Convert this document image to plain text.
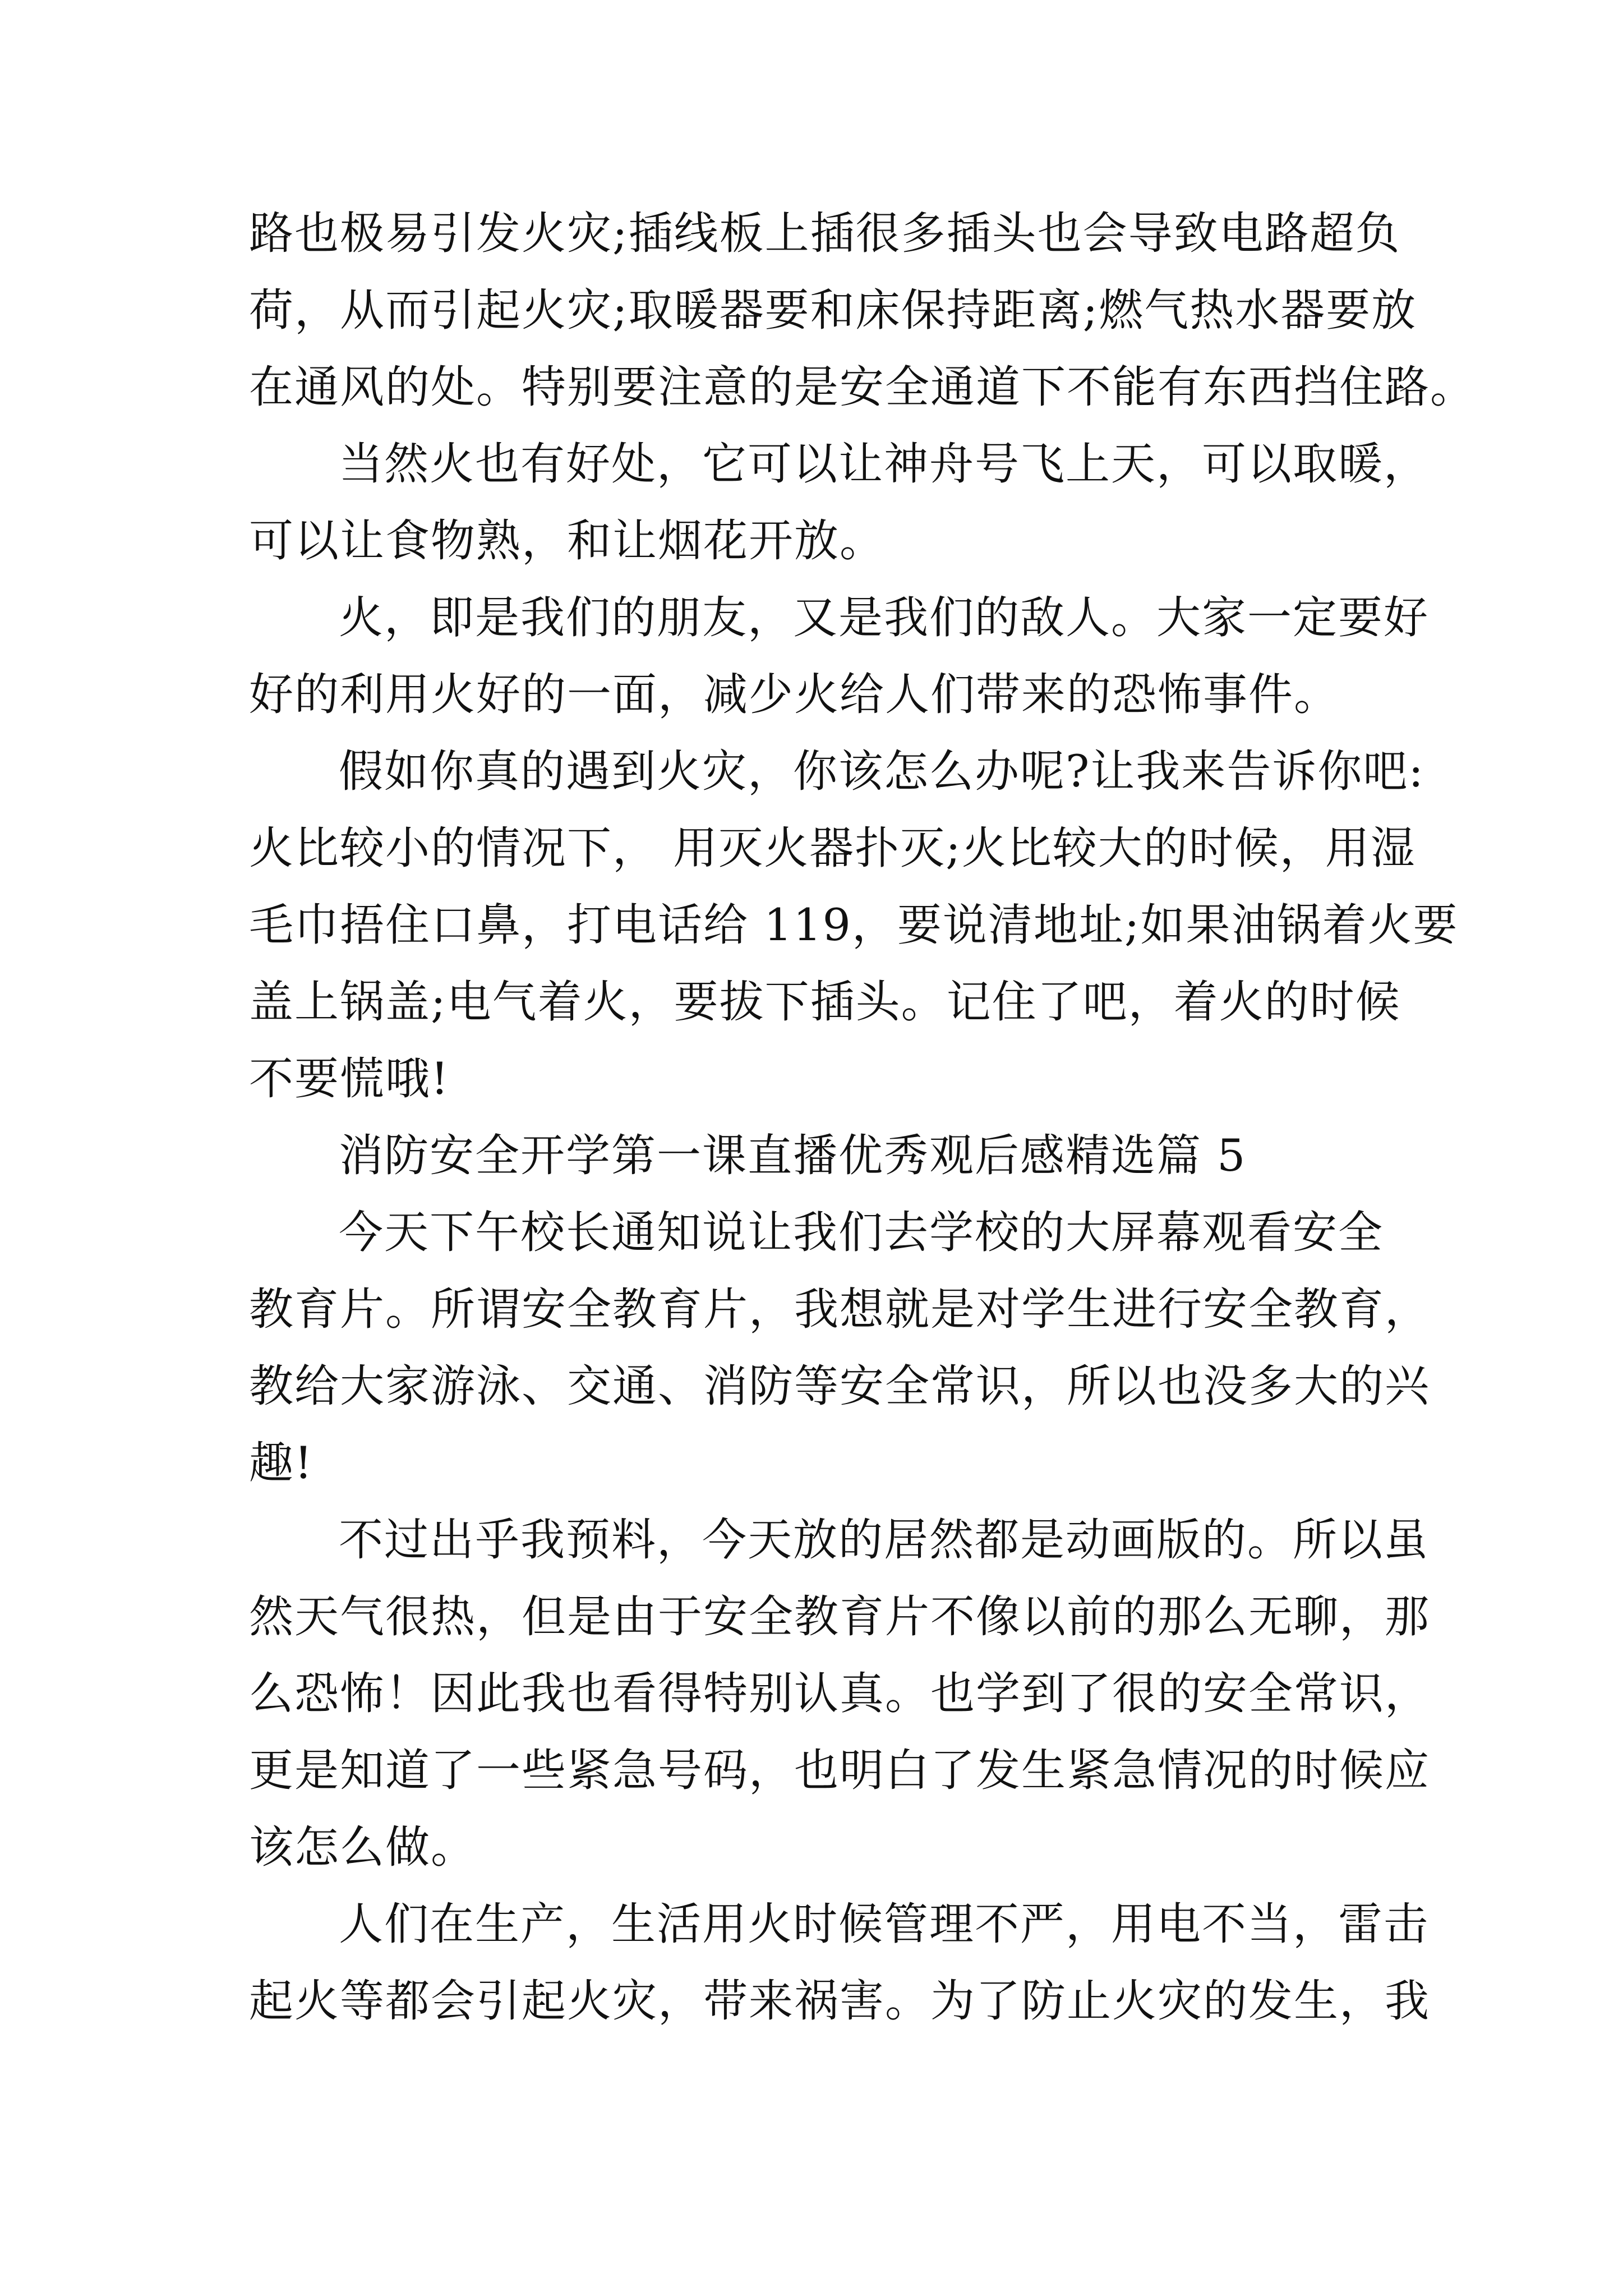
路也极易引发火灾;插线板上插很多插头也会导致电路超负
荷，从而引起火灾;取暖器要和床保持距离;燃气热水器要放
在通风的处。特别要注意的是安全通道下不能有东西挡住路。
当然火也有好处，它可以让神舟号飞上天，可以取暖，
可以让食物熟，和让烟花开放。
火，即是我们的朋友，又是我们的敌人。大家一定要好
好的利用火好的一面，减少火给人们带来的恐怖事件。
假如你真的遇到火灾，你该怎么办呢?让我来告诉你吧:
火比较小的情况下， 用灭火器扑灭;火比较大的时候，用湿
毛巾捂住口鼻，打电话给 119，要说清地址;如果油锅着火要
盖上锅盖;电气着火，要拔下插头。记住了吧，着火的时候
不要慌哦!
消防安全开学第一课直播优秀观后感精选篇 5
今天下午校长通知说让我们去学校的大屏幕观看安全
教育片。所谓安全教育片，我想就是对学生进行安全教育，
教给大家游泳、交通、消防等安全常识，所以也没多大的兴
趣!
不过出乎我预料，今天放的居然都是动画版的。所以虽
然天气很热，但是由于安全教育片不像以前的那么无聊，那
么恐怖！因此我也看得特别认真。也学到了很的安全常识，
更是知道了一些紧急号码，也明白了发生紧急情况的时候应
该怎么做。
人们在生产，生活用火时候管理不严，用电不当，雷击
起火等都会引起火灾，带来祸害。为了防止火灾的发生，我
